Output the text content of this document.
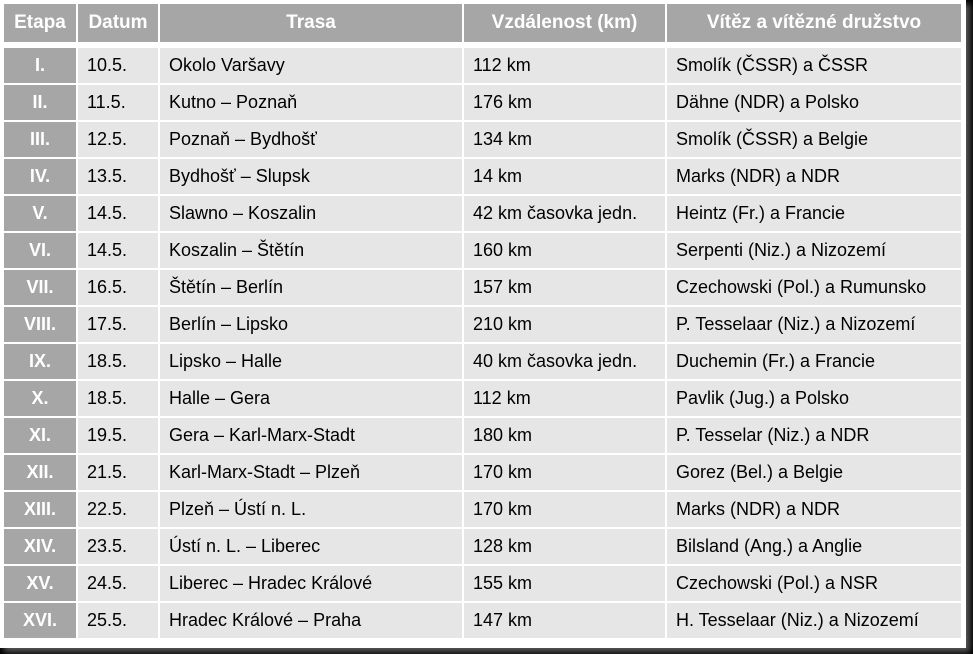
Etapa	Datum	Trasa	Vzdálenost (km)	Vítěz a vítězné družstvo
I.	10.5.	Okolo Varšavy	112 km	Smolík (ČSSR) a ČSSR
II.	11.5.	Kutno – Poznaň	176 km	Dähne (NDR) a Polsko
III.	12.5.	Poznaň – Bydhošť	134 km	Smolík (ČSSR) a Belgie
IV.	13.5.	Bydhošť – Slupsk	14 km	Marks (NDR) a NDR
V.	14.5.	Slawno – Koszalin	42 km časovka jedn.	Heintz (Fr.) a Francie
VI.	14.5.	Koszalin – Štětín	160 km	Serpenti (Niz.) a Nizozemí
VII.	16.5.	Štětín – Berlín	157 km	Czechowski (Pol.) a Rumunsko
VIII.	17.5.	Berlín – Lipsko	210 km	P. Tesselaar (Niz.) a Nizozemí
IX.	18.5.	Lipsko – Halle	40 km časovka jedn.	Duchemin (Fr.) a Francie
X.	18.5.	Halle – Gera	112 km	Pavlik (Jug.) a Polsko
XI.	19.5.	Gera – Karl-Marx-Stadt	180 km	P. Tesselar (Niz.) a NDR
XII.	21.5.	Karl-Marx-Stadt – Plzeň	170 km	Gorez (Bel.) a Belgie
XIII.	22.5.	Plzeň – Ústí n. L.	170 km	Marks (NDR) a NDR
XIV.	23.5.	Ústí n. L. – Liberec	128 km	Bilsland (Ang.) a Anglie
XV.	24.5.	Liberec – Hradec Králové	155 km	Czechowski (Pol.) a NSR
XVI.	25.5.	Hradec Králové – Praha	147 km	H. Tesselaar (Niz.) a Nizozemí
